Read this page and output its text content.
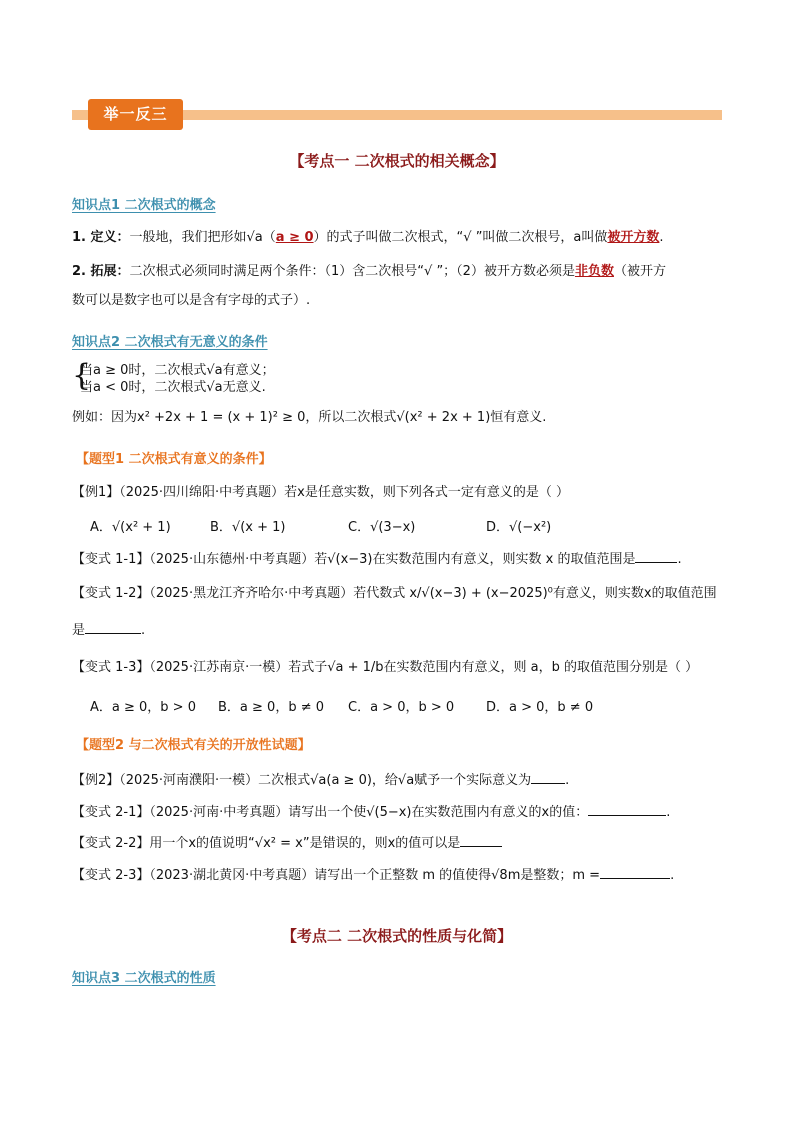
举一反三
【考点一 二次根式的相关概念】
知识点1 二次根式的概念
1. 定义：一般地，我们把形如√a（a ≥ 0）的式子叫做二次根式，“√ ”叫做二次根号，a叫做被开方数.
2. 拓展：二次根式必须同时满足两个条件：（1）含二次根号“√ ”；（2）被开方数必须是非负数（被开方
数可以是数字也可以是含有字母的式子）.
知识点2 二次根式有无意义的条件
{
当a ≥ 0时，二次根式√a有意义；
当a < 0时，二次根式√a无意义.
例如：因为x² +2x + 1 = (x + 1)² ≥ 0，所以二次根式√(x² + 2x + 1)恒有意义.
【题型1 二次根式有意义的条件】
【例1】（2025·四川绵阳·中考真题）若x是任意实数，则下列各式一定有意义的是（ ）
A．√(x² + 1)	B．√(x + 1)	C．√(3−x)	D．√(−x²)
【变式 1-1】（2025·山东德州·中考真题）若√(x−3)在实数范围内有意义，则实数 x 的取值范围是	.
【变式 1-2】（2025·黑龙江齐齐哈尔·中考真题）若代数式 x/√(x−3) + (x−2025)⁰有意义，则实数x的取值范围
是	.
【变式 1-3】（2025·江苏南京·一模）若式子√a + 1/b在实数范围内有意义，则 a，b 的取值范围分别是（ ）
A．a ≥ 0，b > 0 B．a ≥ 0，b ≠ 0 C．a > 0，b > 0 D．a > 0，b ≠ 0
【题型2 与二次根式有关的开放性试题】
【例2】（2025·河南濮阳·一模）二次根式√a(a ≥ 0)，给√a赋予一个实际意义为	.
【变式 2-1】（2025·河南·中考真题）请写出一个使√(5−x)在实数范围内有意义的x的值：	.
【变式 2-2】用一个x的值说明“√x² = x”是错误的，则x的值可以是
【变式 2-3】（2023·湖北黄冈·中考真题）请写出一个正整数 m 的值使得√8m是整数；m =	.
【考点二 二次根式的性质与化简】
知识点3 二次根式的性质
